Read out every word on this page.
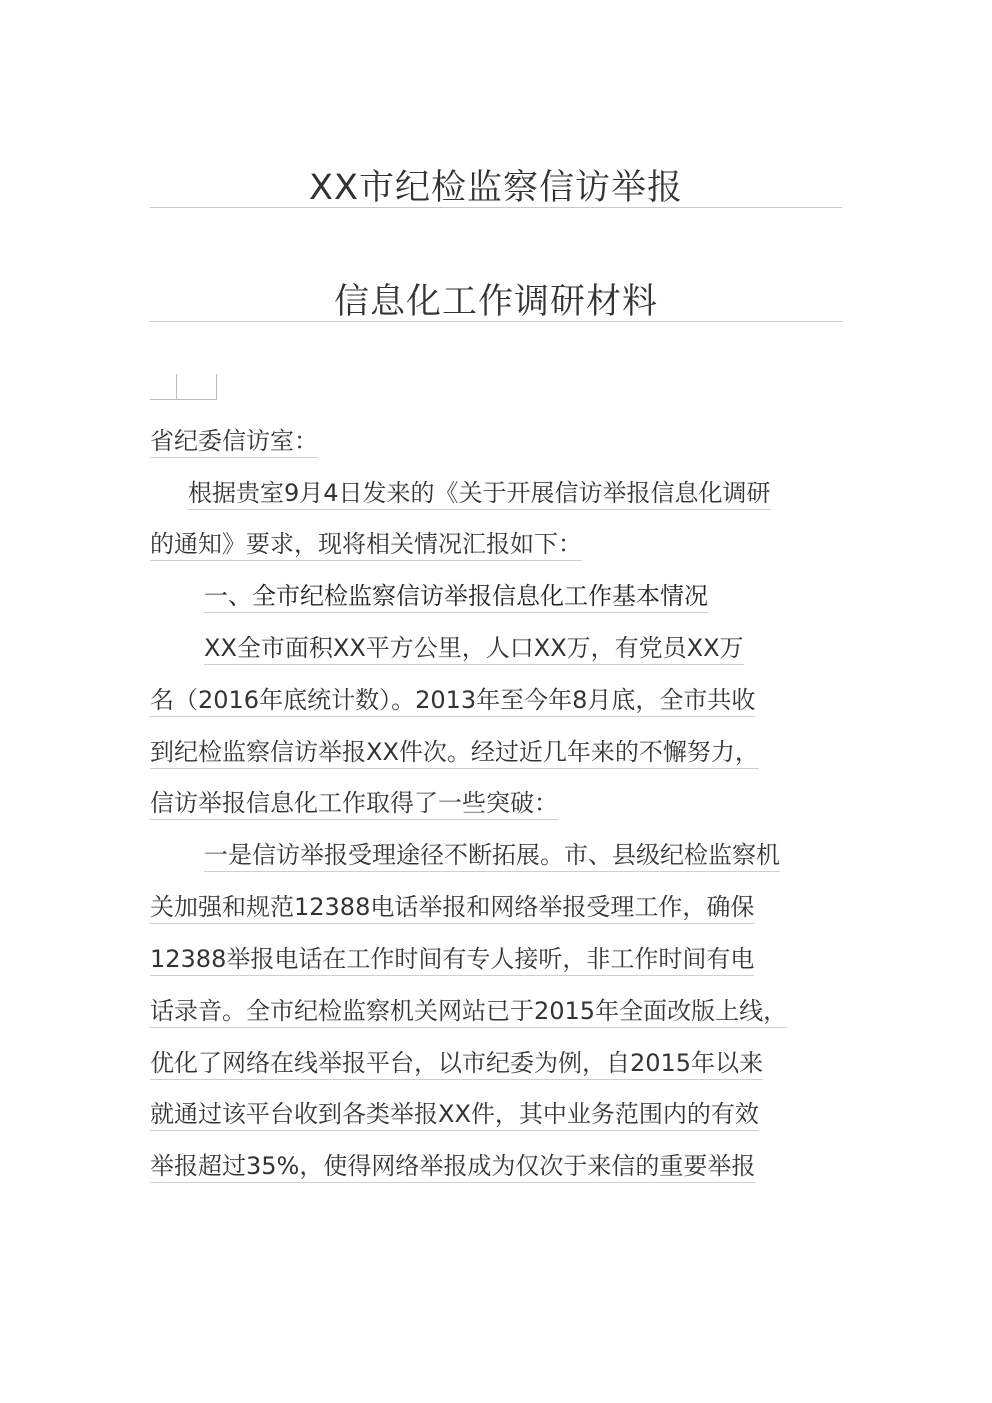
XX市纪检监察信访举报
信息化工作调研材料
省纪委信访室：
根据贵室9月4日发来的《关于开展信访举报信息化调研
的通知》要求，现将相关情况汇报如下：
一、全市纪检监察信访举报信息化工作基本情况
XX全市面积XX平方公里，人口XX万，有党员XX万
名（2016年底统计数）。2013年至今年8月底，全市共收
到纪检监察信访举报XX件次。经过近几年来的不懈努力，
信访举报信息化工作取得了一些突破：
一是信访举报受理途径不断拓展。市、县级纪检监察机
关加强和规范12388电话举报和网络举报受理工作，确保
12388举报电话在工作时间有专人接听，非工作时间有电
话录音。全市纪检监察机关网站已于2015年全面改版上线，
优化了网络在线举报平台，以市纪委为例，自2015年以来
就通过该平台收到各类举报XX件，其中业务范围内的有效
举报超过35%，使得网络举报成为仅次于来信的重要举报
